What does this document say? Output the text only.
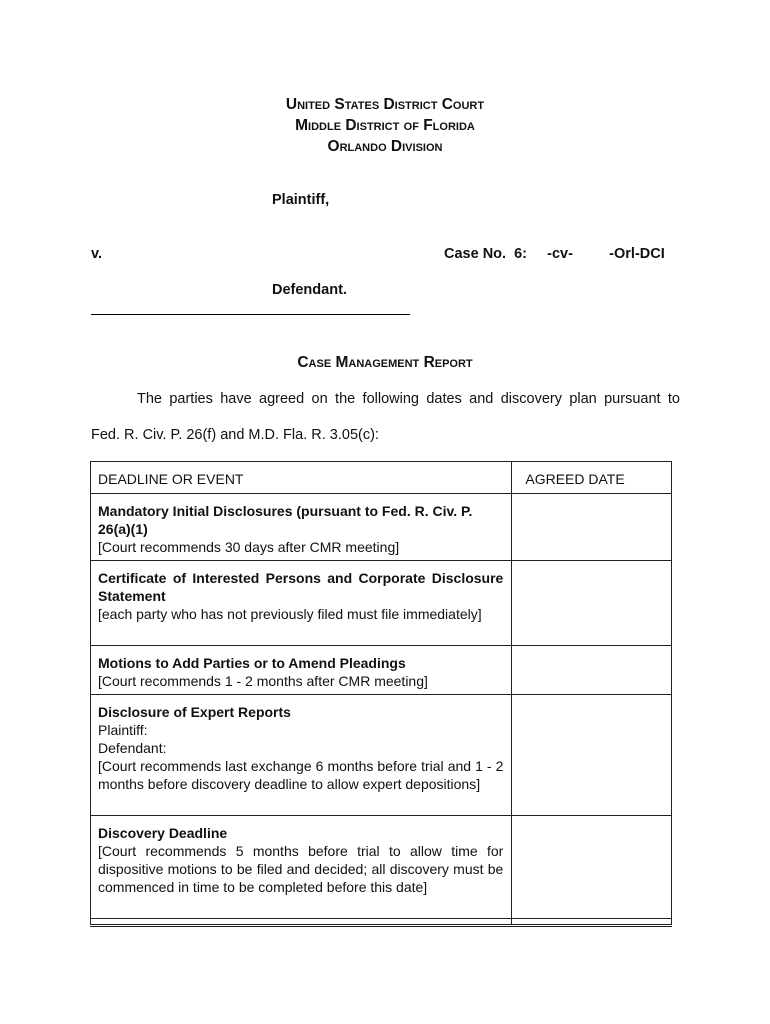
United States District Court
Middle District of Florida
Orlando Division
Plaintiff,
v.	Case No.  6:     -cv-         -Orl-DCI
Defendant.
Case Management Report
The parties have agreed on the following dates and discovery plan pursuant to
Fed. R. Civ. P. 26(f) and M.D. Fla. R. 3.05(c):
DEADLINE OR EVENT	AGREED DATE

Mandatory Initial Disclosures (pursuant to Fed. R. Civ. P. 26(a)(1)
[Court recommends 30 days after CMR meeting]	

Certificate of Interested Persons and Corporate Disclosure Statement
[each party who has not previously filed must file immediately]	

Motions to Add Parties or to Amend Pleadings
[Court recommends 1 - 2 months after CMR meeting]	

Disclosure of Expert Reports
Plaintiff:
Defendant:
[Court recommends last exchange 6 months before trial and 1 - 2 months before discovery deadline to allow expert depositions]	

Discovery Deadline
[Court recommends 5 months before trial to allow time for dispositive motions to be filed and decided; all discovery must be commenced in time to be completed before this date]	
